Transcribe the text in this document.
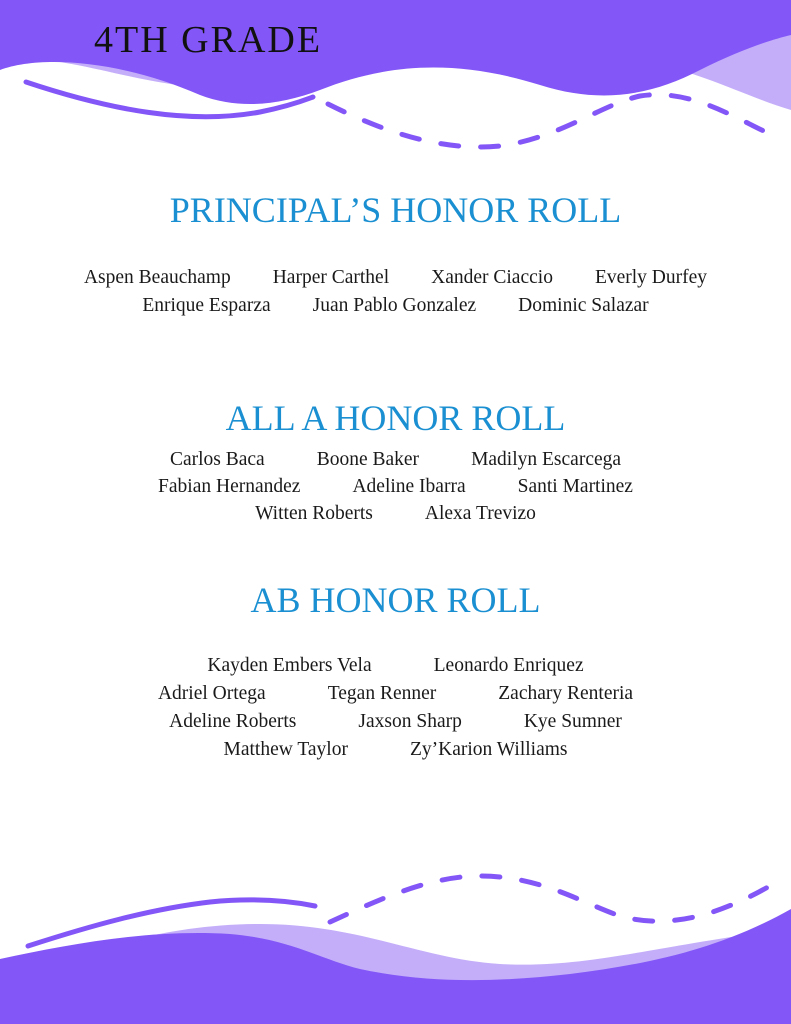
4TH GRADE
PRINCIPAL’S HONOR ROLL
Aspen Beauchamp Harper Carthel Xander Ciaccio Everly Durfey
Enrique Esparza Juan Pablo Gonzalez Dominic Salazar
ALL A HONOR ROLL
Carlos Baca	Boone Baker	Madilyn Escarcega
Fabian Hernandez	Adeline Ibarra	Santi Martinez
Witten Roberts	Alexa Trevizo
AB HONOR ROLL
Kayden Embers Vela	Leonardo Enriquez
Adriel Ortega	Tegan Renner	Zachary Renteria
Adeline Roberts	Jaxson Sharp	Kye Sumner
Matthew Taylor	Zy’Karion Williams
